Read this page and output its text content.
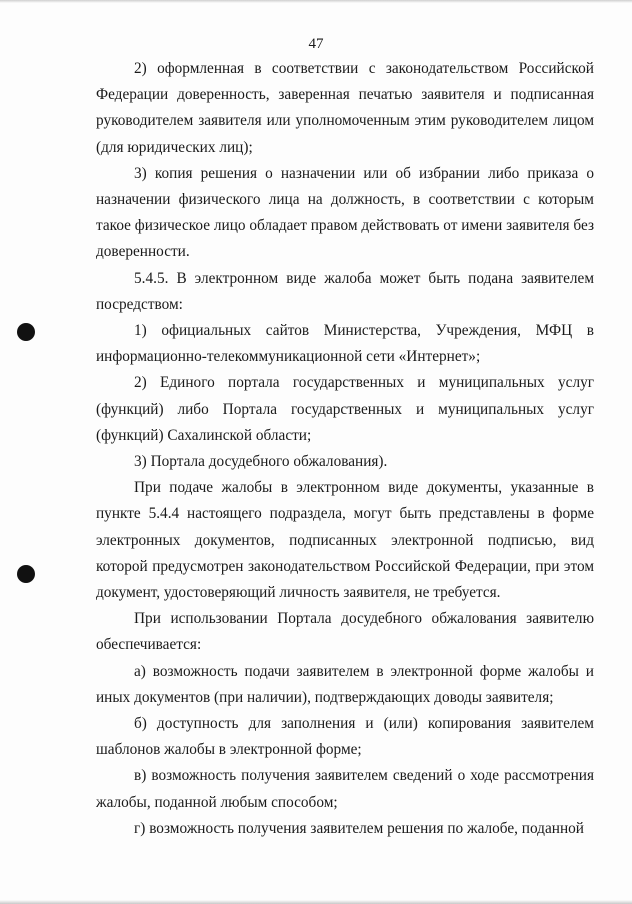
47

2) оформленная в соответствии с законодательством Российской Федерации доверенность, заверенная печатью заявителя и подписанная руководителем заявителя или уполномоченным этим руководителем лицом (для юридических лиц);

3) копия решения о назначении или об избрании либо приказа о назначении физического лица на должность, в соответствии с которым такое физическое лицо обладает правом действовать от имени заявителя без доверенности.

5.4.5. В электронном виде жалоба может быть подана заявителем посредством:

1) официальных сайтов Министерства, Учреждения, МФЦ в информационно-телекоммуникационной сети «Интернет»;

2) Единого портала государственных и муниципальных услуг (функций) либо Портала государственных и муниципальных услуг (функций) Сахалинской области;

3) Портала досудебного обжалования).

При подаче жалобы в электронном виде документы, указанные в пункте 5.4.4 настоящего подраздела, могут быть представлены в форме электронных документов, подписанных электронной подписью, вид которой предусмотрен законодательством Российской Федерации, при этом документ, удостоверяющий личность заявителя, не требуется.

При использовании Портала досудебного обжалования заявителю обеспечивается:

а) возможность подачи заявителем в электронной форме жалобы и иных документов (при наличии), подтверждающих доводы заявителя;

б) доступность для заполнения и (или) копирования заявителем шаблонов жалобы в электронной форме;

в) возможность получения заявителем сведений о ходе рассмотрения жалобы, поданной любым способом;

г) возможность получения заявителем решения по жалобе, поданной
